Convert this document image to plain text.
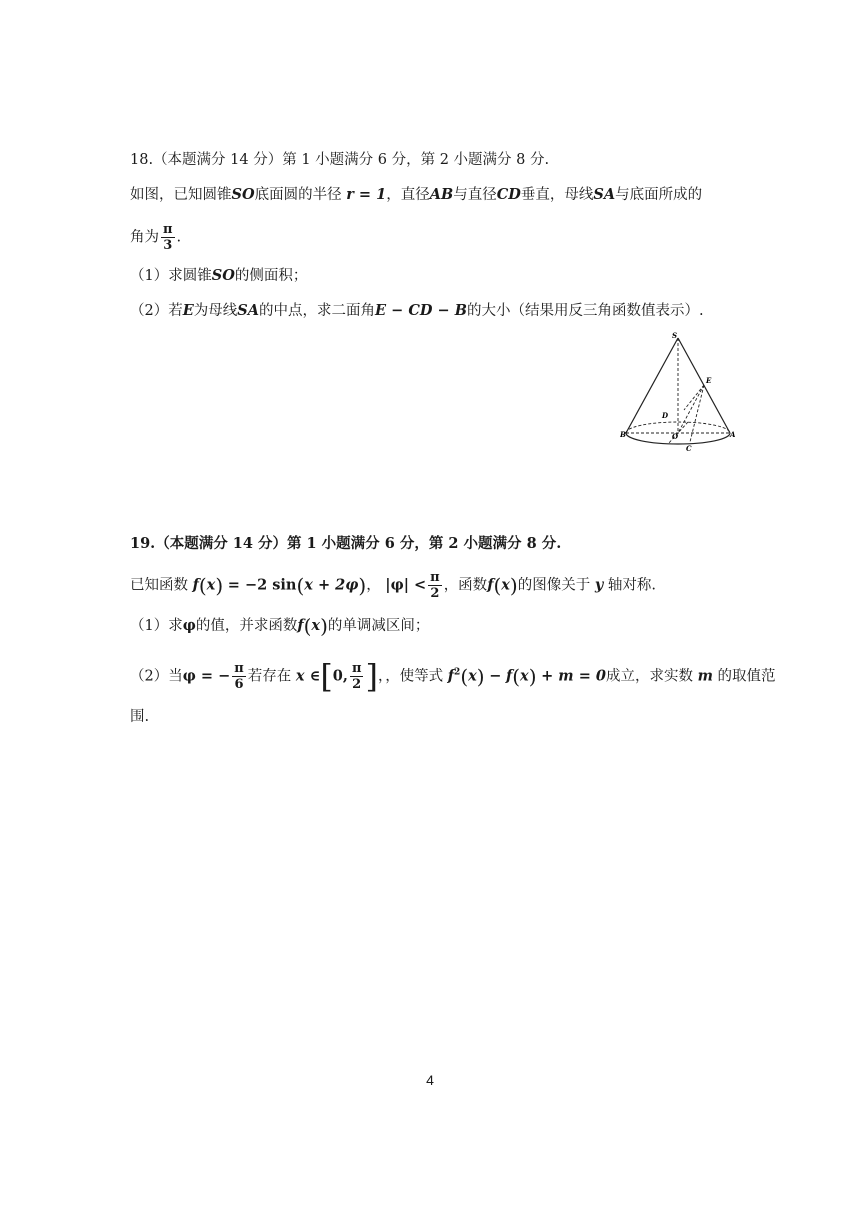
18.（本题满分 14 分）第 1 小题满分 6 分，第 2 小题满分 8 分.
如图，已知圆锥SO底面圆的半径 r = 1，直径AB与直径CD垂直，母线SA与底面所成的
角为 $\frac{\pi}{3}$ .
（1）求圆锥SO的侧面积；
（2）若E为母线SA的中点，求二面角E − CD − B的大小（结果用反三角函数值表示）.
S
E
D
B	O	A
C
19.（本题满分 14 分）第 1 小题满分 6 分，第 2 小题满分 8 分.
已知函数 f(x) = −2 sin(x + 2φ)， $|\varphi| < \frac{\pi}{2}$ ，函数f(x)的图像关于 y 轴对称.
（1）求φ的值，并求函数f(x)的单调减区间；
（2）当φ = − $\frac{\pi}{6}$ 若存在 x ∈[0, $\frac{\pi}{2}$ ]，，使等式 $f^2(x) - f(x) + m = 0$成立，求实数 m 的取值范
围.
4
